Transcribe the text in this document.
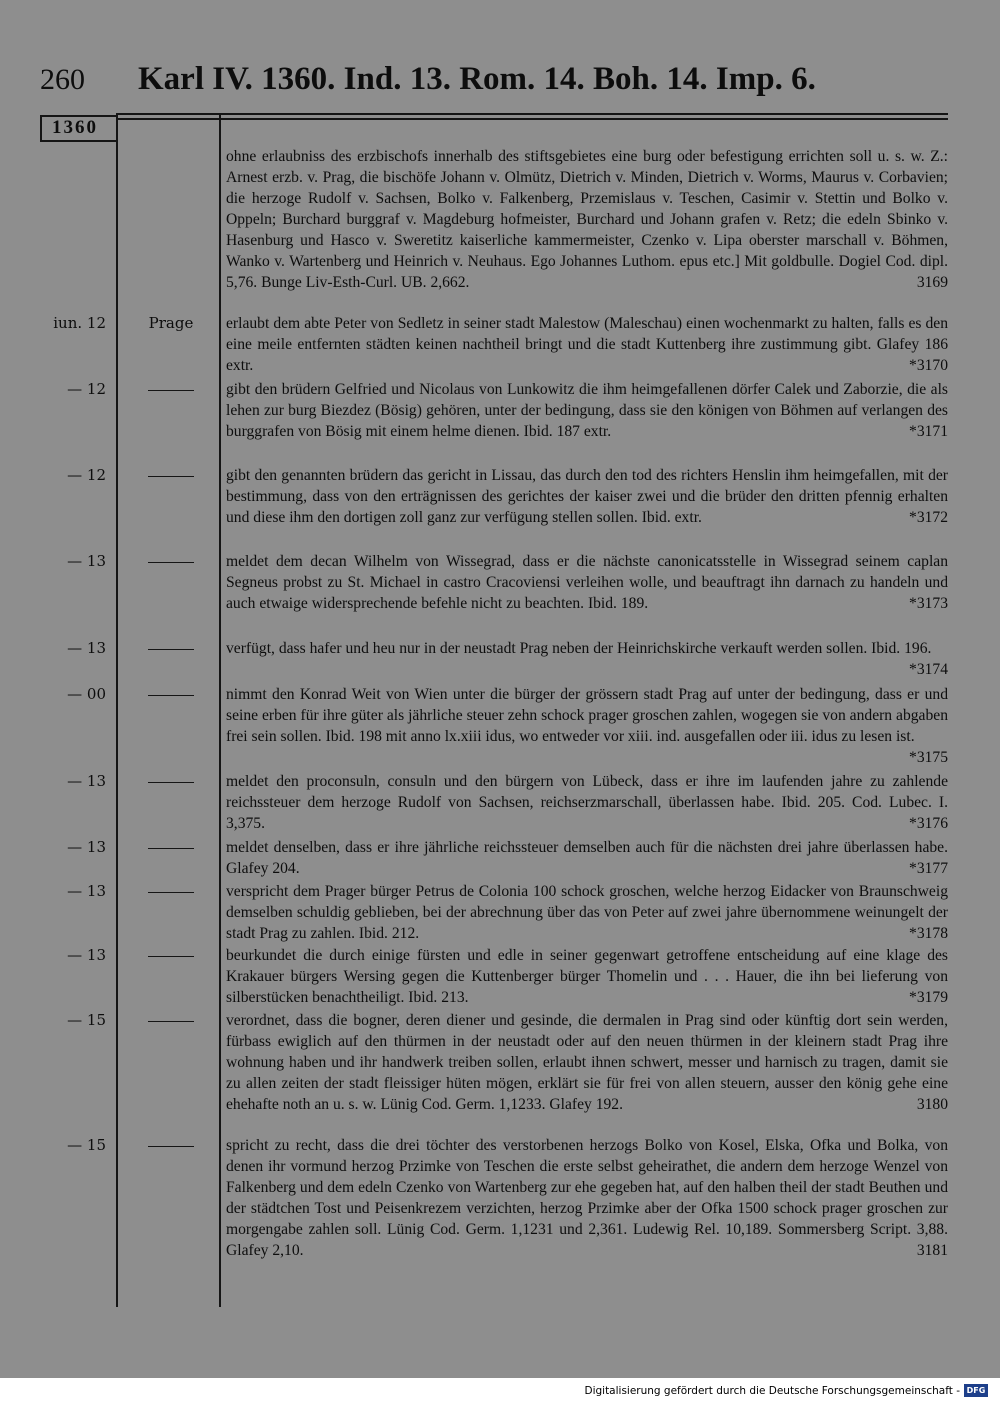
260 Karl IV. 1360. Ind. 13. Rom. 14. Boh. 14. Imp. 6.
1360
ohne erlaubniss des erzbischofs innerhalb des stiftsgebietes eine burg oder befestigung errichten soll u. s. w. Z.: Arnest erzb. v. Prag, die bischöfe Johann v. Olmütz, Dietrich v. Minden, Dietrich v. Worms, Maurus v. Corbavien; die herzoge Rudolf v. Sachsen, Bolko v. Falkenberg, Przemislaus v. Teschen, Casimir v. Stettin und Bolko v. Oppeln; Burchard burggraf v. Magdeburg hofmeister, Burchard und Johann grafen v. Retz; die edeln Sbinko v. Hasenburg und Hasco v. Sweretitz kaiserliche kammermeister, Czenko v. Lipa oberster marschall v. Böhmen, Wanko v. Wartenberg und Heinrich v. Neuhaus. Ego Johannes Luthom. epus etc.] Mit goldbulle. Dogiel Cod. dipl. 5,76. Bunge Liv-Esth-Curl. UB. 2,662.	3169
iun. 12	Prage	erlaubt dem abte Peter von Sedletz in seiner stadt Malestow (Maleschau) einen wochenmarkt zu halten, falls es den eine meile entfernten städten keinen nachtheil bringt und die stadt Kuttenberg ihre zustimmung gibt. Glafey 186 extr.	*3170
— 12	gibt den brüdern Gelfried und Nicolaus von Lunkowitz die ihm heimgefallenen dörfer Calek und Zaborzie, die als lehen zur burg Biezdez (Bösig) gehören, unter der bedingung, dass sie den königen von Böhmen auf verlangen des burggrafen von Bösig mit einem helme dienen. Ibid. 187 extr.	*3171
— 12	gibt den genannten brüdern das gericht in Lissau, das durch den tod des richters Henslin ihm heimgefallen, mit der bestimmung, dass von den erträgnissen des gerichtes der kaiser zwei und die brüder den dritten pfennig erhalten und diese ihm den dortigen zoll ganz zur verfügung stellen sollen. Ibid. extr.	*3172
— 13	meldet dem decan Wilhelm von Wissegrad, dass er die nächste canonicatsstelle in Wissegrad seinem caplan Segneus probst zu St. Michael in castro Cracoviensi verleihen wolle, und beauftragt ihn darnach zu handeln und auch etwaige widersprechende befehle nicht zu beachten. Ibid. 189.	*3173
— 13	verfügt, dass hafer und heu nur in der neustadt Prag neben der Heinrichskirche verkauft werden sollen. Ibid. 196.
*3174
— 00	nimmt den Konrad Weit von Wien unter die bürger der grössern stadt Prag auf unter der bedingung, dass er und seine erben für ihre güter als jährliche steuer zehn schock prager groschen zahlen, wogegen sie von andern abgaben frei sein sollen. Ibid. 198 mit anno lx.xiii idus, wo entweder vor xiii. ind. ausgefallen oder iii. idus zu lesen ist.
*3175
— 13	meldet den proconsuln, consuln und den bürgern von Lübeck, dass er ihre im laufenden jahre zu zahlende reichssteuer dem herzoge Rudolf von Sachsen, reichserzmarschall, überlassen habe. Ibid. 205. Cod. Lubec. I. 3,375.	*3176
— 13	meldet denselben, dass er ihre jährliche reichssteuer demselben auch für die nächsten drei jahre überlassen habe. Glafey 204.	*3177
— 13	verspricht dem Prager bürger Petrus de Colonia 100 schock groschen, welche herzog Eidacker von Braunschweig demselben schuldig geblieben, bei der abrechnung über das von Peter auf zwei jahre übernommene weinungelt der stadt Prag zu zahlen. Ibid. 212.	*3178
— 13	beurkundet die durch einige fürsten und edle in seiner gegenwart getroffene entscheidung auf eine klage des Krakauer bürgers Wersing gegen die Kuttenberger bürger Thomelin und . . . Hauer, die ihn bei lieferung von silberstücken benachtheiligt. Ibid. 213.	*3179
— 15	verordnet, dass die bogner, deren diener und gesinde, die dermalen in Prag sind oder künftig dort sein werden, fürbass ewiglich auf den thürmen in der neustadt oder auf den neuen thürmen in der kleinern stadt Prag ihre wohnung haben und ihr handwerk treiben sollen, erlaubt ihnen schwert, messer und harnisch zu tragen, damit sie zu allen zeiten der stadt fleissiger hüten mögen, erklärt sie für frei von allen steuern, ausser den könig gehe eine ehehafte noth an u. s. w. Lünig Cod. Germ. 1,1233. Glafey 192.	3180
— 15	spricht zu recht, dass die drei töchter des verstorbenen herzogs Bolko von Kosel, Elska, Ofka und Bolka, von denen ihr vormund herzog Przimke von Teschen die erste selbst geheirathet, die andern dem herzoge Wenzel von Falkenberg und dem edeln Czenko von Wartenberg zur ehe gegeben hat, auf den halben theil der stadt Beuthen und der städtchen Tost und Peisenkrezem verzichten, herzog Przimke aber der Ofka 1500 schock prager groschen zur morgengabe zahlen soll. Lünig Cod. Germ. 1,1231 und 2,361. Ludewig Rel. 10,189. Sommersberg Script. 3,88. Glafey 2,10.	3181
Digitalisierung gefördert durch die Deutsche Forschungsgemeinschaft - DFG
